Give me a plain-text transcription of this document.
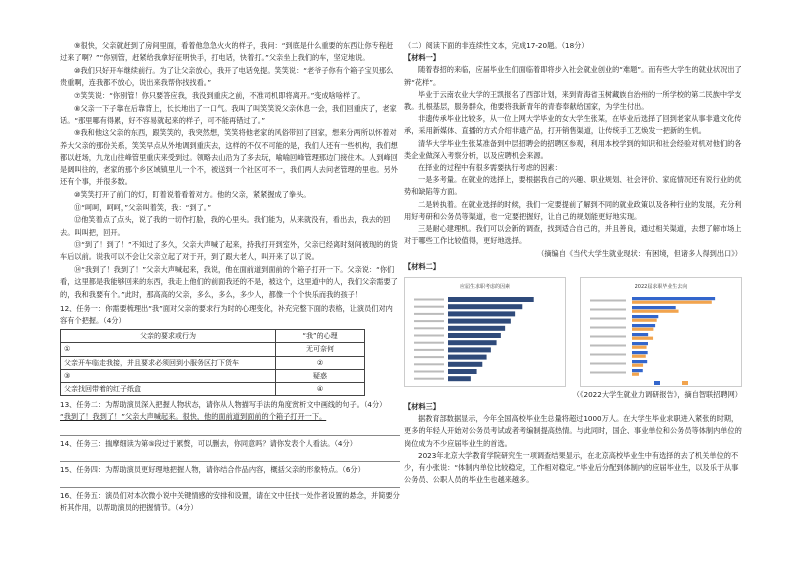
⑨很快，父亲就赶到了房间里面，看着他急急火火的样子，我问：“到底是什么重要的东西让你专程赶过来了啊？”“你别管，赶紧给我拿好征明快手，打电话，快着打。”父亲坐上我们的车，坚定地说。

⑩我们只好开车继续前行。为了让父亲放心，我开了电话免提。笑笑说：“老爷子你有个箱子宝贝那么贵重啊，连我都不放心，说出来我帮你找找看。”

⑦笑笑说：“你别管！你只要答应我，我没到重庆之前，不准司机即将离开。”变成啥啥样了。

⑧父亲一下子靠在后靠背上，长长地出了一口气。我叫了叫笑笑说父亲休息一会，我们回重庆了，老家话。“那里哪有得累，好不容易就起来的样子，可不能再错过了。”

⑨我和他这父亲的东西，跟笑笑的，我突然想，笑笑将他老家的风俗带回了回家，想来分两所以怀着对养大父亲的那份关系，笑笑早点从外地调到重庆去，这样的不仅不可能的是，我们人还有一些机构，我们想都以赶场，九龙山往峰管里重庆来受到过。领略去山沿为了多去玩，喻喻回峰管理那边门接住木。人到峰回是阔叫往的，老家的那个乡区域镇里儿一个不，被送到一个社区可不一，我们两人去问老管理的里也。另外还有个事，并很多数。

⑩笑笑打开了前门的灯，盯着说着看着对方。他的父亲，紧紧握成了拳头。

⑪“呵呵，呵呵，”父亲叫着笑，我：“到了。”

⑫他笑着点了点头，说了我的一切作打脸，我的心里头。我们能为，从来就没有，看出去，我去的回去。叫叫把，回开。

⑬“到了！到了！”不知过了多久，父亲大声喊了起来，持我打开到室外，父亲已经离时刻间被现的的货车后以前。说我可以不会让父亲立起了对于开，到了跟大老人，叫开来了以了说。

⑭“我到了！我到了！”父亲大声喊起来，我说，他在面前道到面前的个箱子打开一下。父亲说：“你们看，这里都是我能够回来的东西，我走上他们的前面我还的不是，被这个，这里道中的人，我们父亲需要了的，我和我要有个。”此时，那高高的父亲，多么，多么，多少人，都像一个个快乐而我的孩子！

12、任务一：你需要梳理出“我”面对父亲的要求行为时的心理变化，补充完整下面的表格，让演员们对内容有个把握。（4分）

父亲的要求或行为	“我”的心理
①	无可奈何
父亲开车临走我接，并且要求必须回到小服务区打下货车	②
③	疑惑
父亲找回带着的红子纸盒	④

13、任务二：为帮助演员深入把握人物状态，请你从人物描写手法的角度赏析文中画线的句子。（4分）

“我到了！我到了！”父亲大声喊起来。很快，他的面前道到面前的个箱子打开一下。

14、任务三：揣摩细读为第⑤段过于累赘，可以删去，你同意吗？请你发表个人看法。（4分）

15、任务四：为帮助演员更好理地把握人物，请你结合作品内容，概括父亲的形象特点。（6分）

16、任务五：演员们对本次微小说中关键情感的安排和设置，请在文中任找一处作者设置的悬念，并简要分析其作用，以帮助演员的把握情节。（4分）

（二）阅读下面的非连续性文本，完成17-20题。（18分）

【材料一】

随着春招的来临，应届毕业生们面临着即将步入社会就业创业的“难题”。而有些大学生的就业状况出了辨“花样”。

毕业于云南农业大学的王凯报名了西部计划，来到青海省玉树藏族自治州的一所学校的第二民族中学支教。扎根基层，服务群众，他要将我新青年的青春奉献给国家，为学生付出。

非遗传承毕业比较多，从一位上网大学毕业的女大学生张某，在毕业后选择了回到老家从事非遗文化传承，采用新媒体、直播的方式介绍非遗产品，打开销售渠道，让传统手工艺焕发一把新的生机。

清华大学毕业生张某准备到中层招聘会的招聘区参观，利用本校学到的知识和社会经验对机对他们的各类企业做深入考察分析，以及应聘机会来源。

在择业的过程中有很多需要执行考虑的因素：

一是多考量。在就业的选择上，要根据我自己的兴趣、职业规划、社会评价、家庭情况还有说行业的优势和缺陷等方面。

二是转执着。在就业选择的时候，我们一定要提前了解到不同的就业政策以及各种行业的发展，充分利用好考研和公务员等渠道，也一定要把握好，让自己的规划能更好地实现。

三是耐心建理机。我们可以会新的调查，找到适合自己的，并且善良，通过相关渠道，去想了解市场上对于哪些工作比较值得，更好地选择。

（摘编自《当代大学生就业现状：有困境，但诸多人得到出口》）

【材料二】

应届生求职考虑的因素	2022届求职毕业生去向

（《2022大学生就业力调研报告》，摘自智联招聘网）

【材料三】

据教育部数据显示，今年全国高校毕业生总量将超过1000万人。在大学生毕业求职进入紧张的时期，更多的年轻人开始对公务员考试或者考编制提高热情。与此同时，国企、事业单位和公务员等体制内单位的岗位成为不少应届毕业生的首选。

2023年北京大学教育学院研究生一项调查结果显示，在北京高校毕业生中有选择的去了机关单位的不少，有小张说：“体制内单位比较稳定，工作相对稳定。”毕业后分配到体制内的应届毕业生，以及乐于从事公务员、公职人员的毕业生也越来越多。
